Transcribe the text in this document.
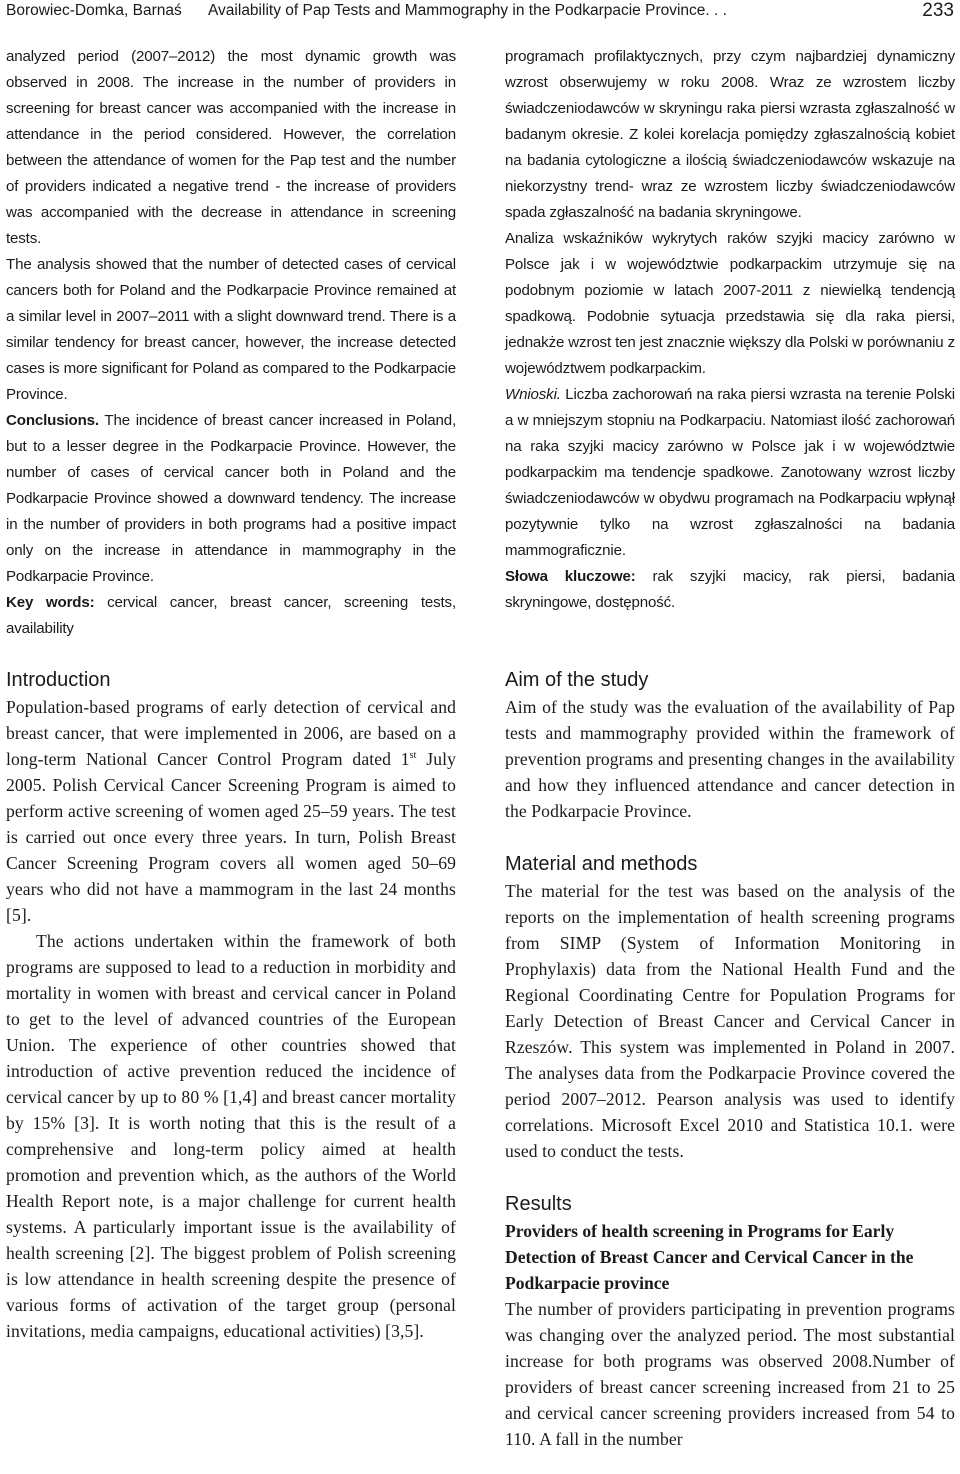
Borowiec-Domka, Barnaś Availability of Pap Tests and Mammography in the Podkarpacie Province. . .	233

analyzed period (2007–2012) the most dynamic growth was observed in 2008. The increase in the number of providers in screening for breast cancer was accompanied with the increase in attendance in the period considered. However, the correlation between the attendance of women for the Pap test and the number of providers indicated a negative trend - the increase of providers was accompanied with the decrease in attendance in screening tests.

The analysis showed that the number of detected cases of cervical cancers both for Poland and the Podkarpacie Province remained at a similar level in 2007–2011 with a slight downward trend. There is a similar tendency for breast cancer, however, the increase detected cases is more significant for Poland as compared to the Podkarpacie Province.

Conclusions. The incidence of breast cancer increased in Poland, but to a lesser degree in the Podkarpacie Province. However, the number of cases of cervical cancer both in Poland and the Podkarpacie Province showed a downward tendency. The increase in the number of providers in both programs had a positive impact only on the increase in attendance in mammography in the Podkarpacie Province.

Key words: cervical cancer, breast cancer, screening tests, availability

programach profilaktycznych, przy czym najbardziej dynamiczny wzrost obserwujemy w roku 2008. Wraz ze wzrostem liczby świadczeniodawców w skryningu raka piersi wzrasta zgłaszalność w badanym okresie. Z kolei korelacja pomiędzy zgłaszalnością kobiet na badania cytologiczne a ilością świadczeniodawców wskazuje na niekorzystny trend- wraz ze wzrostem liczby świadczeniodawców spada zgłaszalność na badania skryningowe.

Analiza wskaźników wykrytych raków szyjki macicy zarówno w Polsce jak i w województwie podkarpackim utrzymuje się na podobnym poziomie w latach 2007-2011 z niewielką tendencją spadkową. Podobnie sytuacja przedstawia się dla raka piersi, jednakże wzrost ten jest znacznie większy dla Polski w porównaniu z województwem podkarpackim.

Wnioski. Liczba zachorowań na raka piersi wzrasta na terenie Polski a w mniejszym stopniu na Podkarpaciu. Natomiast ilość zachorowań na raka szyjki macicy zarówno w Polsce jak i w województwie podkarpackim ma tendencje spadkowe. Zanotowany wzrost liczby świadczeniodawców w obydwu programach na Podkarpaciu wpłynął pozytywnie tylko na wzrost zgłaszalności na badania mammograficznie.

Słowa kluczowe: rak szyjki macicy, rak piersi, badania skryningowe, dostępność.

Introduction

Population-based programs of early detection of cervical and breast cancer, that were implemented in 2006, are based on a long-term National Cancer Control Program dated 1st July 2005. Polish Cervical Cancer Screening Program is aimed to perform active screening of women aged 25–59 years. The test is carried out once every three years. In turn, Polish Breast Cancer Screening Program covers all women aged 50–69 years who did not have a mammogram in the last 24 months [5].

The actions undertaken within the framework of both programs are supposed to lead to a reduction in morbidity and mortality in women with breast and cervical cancer in Poland to get to the level of advanced countries of the European Union. The experience of other countries showed that introduction of active prevention reduced the incidence of cervical cancer by up to 80 % [1,4] and breast cancer mortality by 15% [3]. It is worth noting that this is the result of a comprehensive and long-term policy aimed at health promotion and prevention which, as the authors of the World Health Report note, is a major challenge for current health systems. A particularly important issue is the availability of health screening [2]. The biggest problem of Polish screening is low attendance in health screening despite the presence of various forms of activation of the target group (personal invitations, media campaigns, educational activities) [3,5].

Aim of the study

Aim of the study was the evaluation of the availability of Pap tests and mammography provided within the framework of prevention programs and presenting changes in the availability and how they influenced attendance and cancer detection in the Podkarpacie Province.

Material and methods

The material for the test was based on the analysis of the reports on the implementation of health screening programs from SIMP (System of Information Monitoring in Prophylaxis) data from the National Health Fund and the Regional Coordinating Centre for Population Programs for Early Detection of Breast Cancer and Cervical Cancer in Rzeszów. This system was implemented in Poland in 2007. The analyses data from the Podkarpacie Province covered the period 2007–2012. Pearson analysis was used to identify correlations. Microsoft Excel 2010 and Statistica 10.1. were used to conduct the tests.

Results

Providers of health screening in Programs for Early Detection of Breast Cancer and Cervical Cancer in the Podkarpacie province

The number of providers participating in prevention programs was changing over the analyzed period. The most substantial increase for both programs was observed 2008.Number of providers of breast cancer screening increased from 21 to 25 and cervical cancer screening providers increased from 54 to 110. A fall in the number
